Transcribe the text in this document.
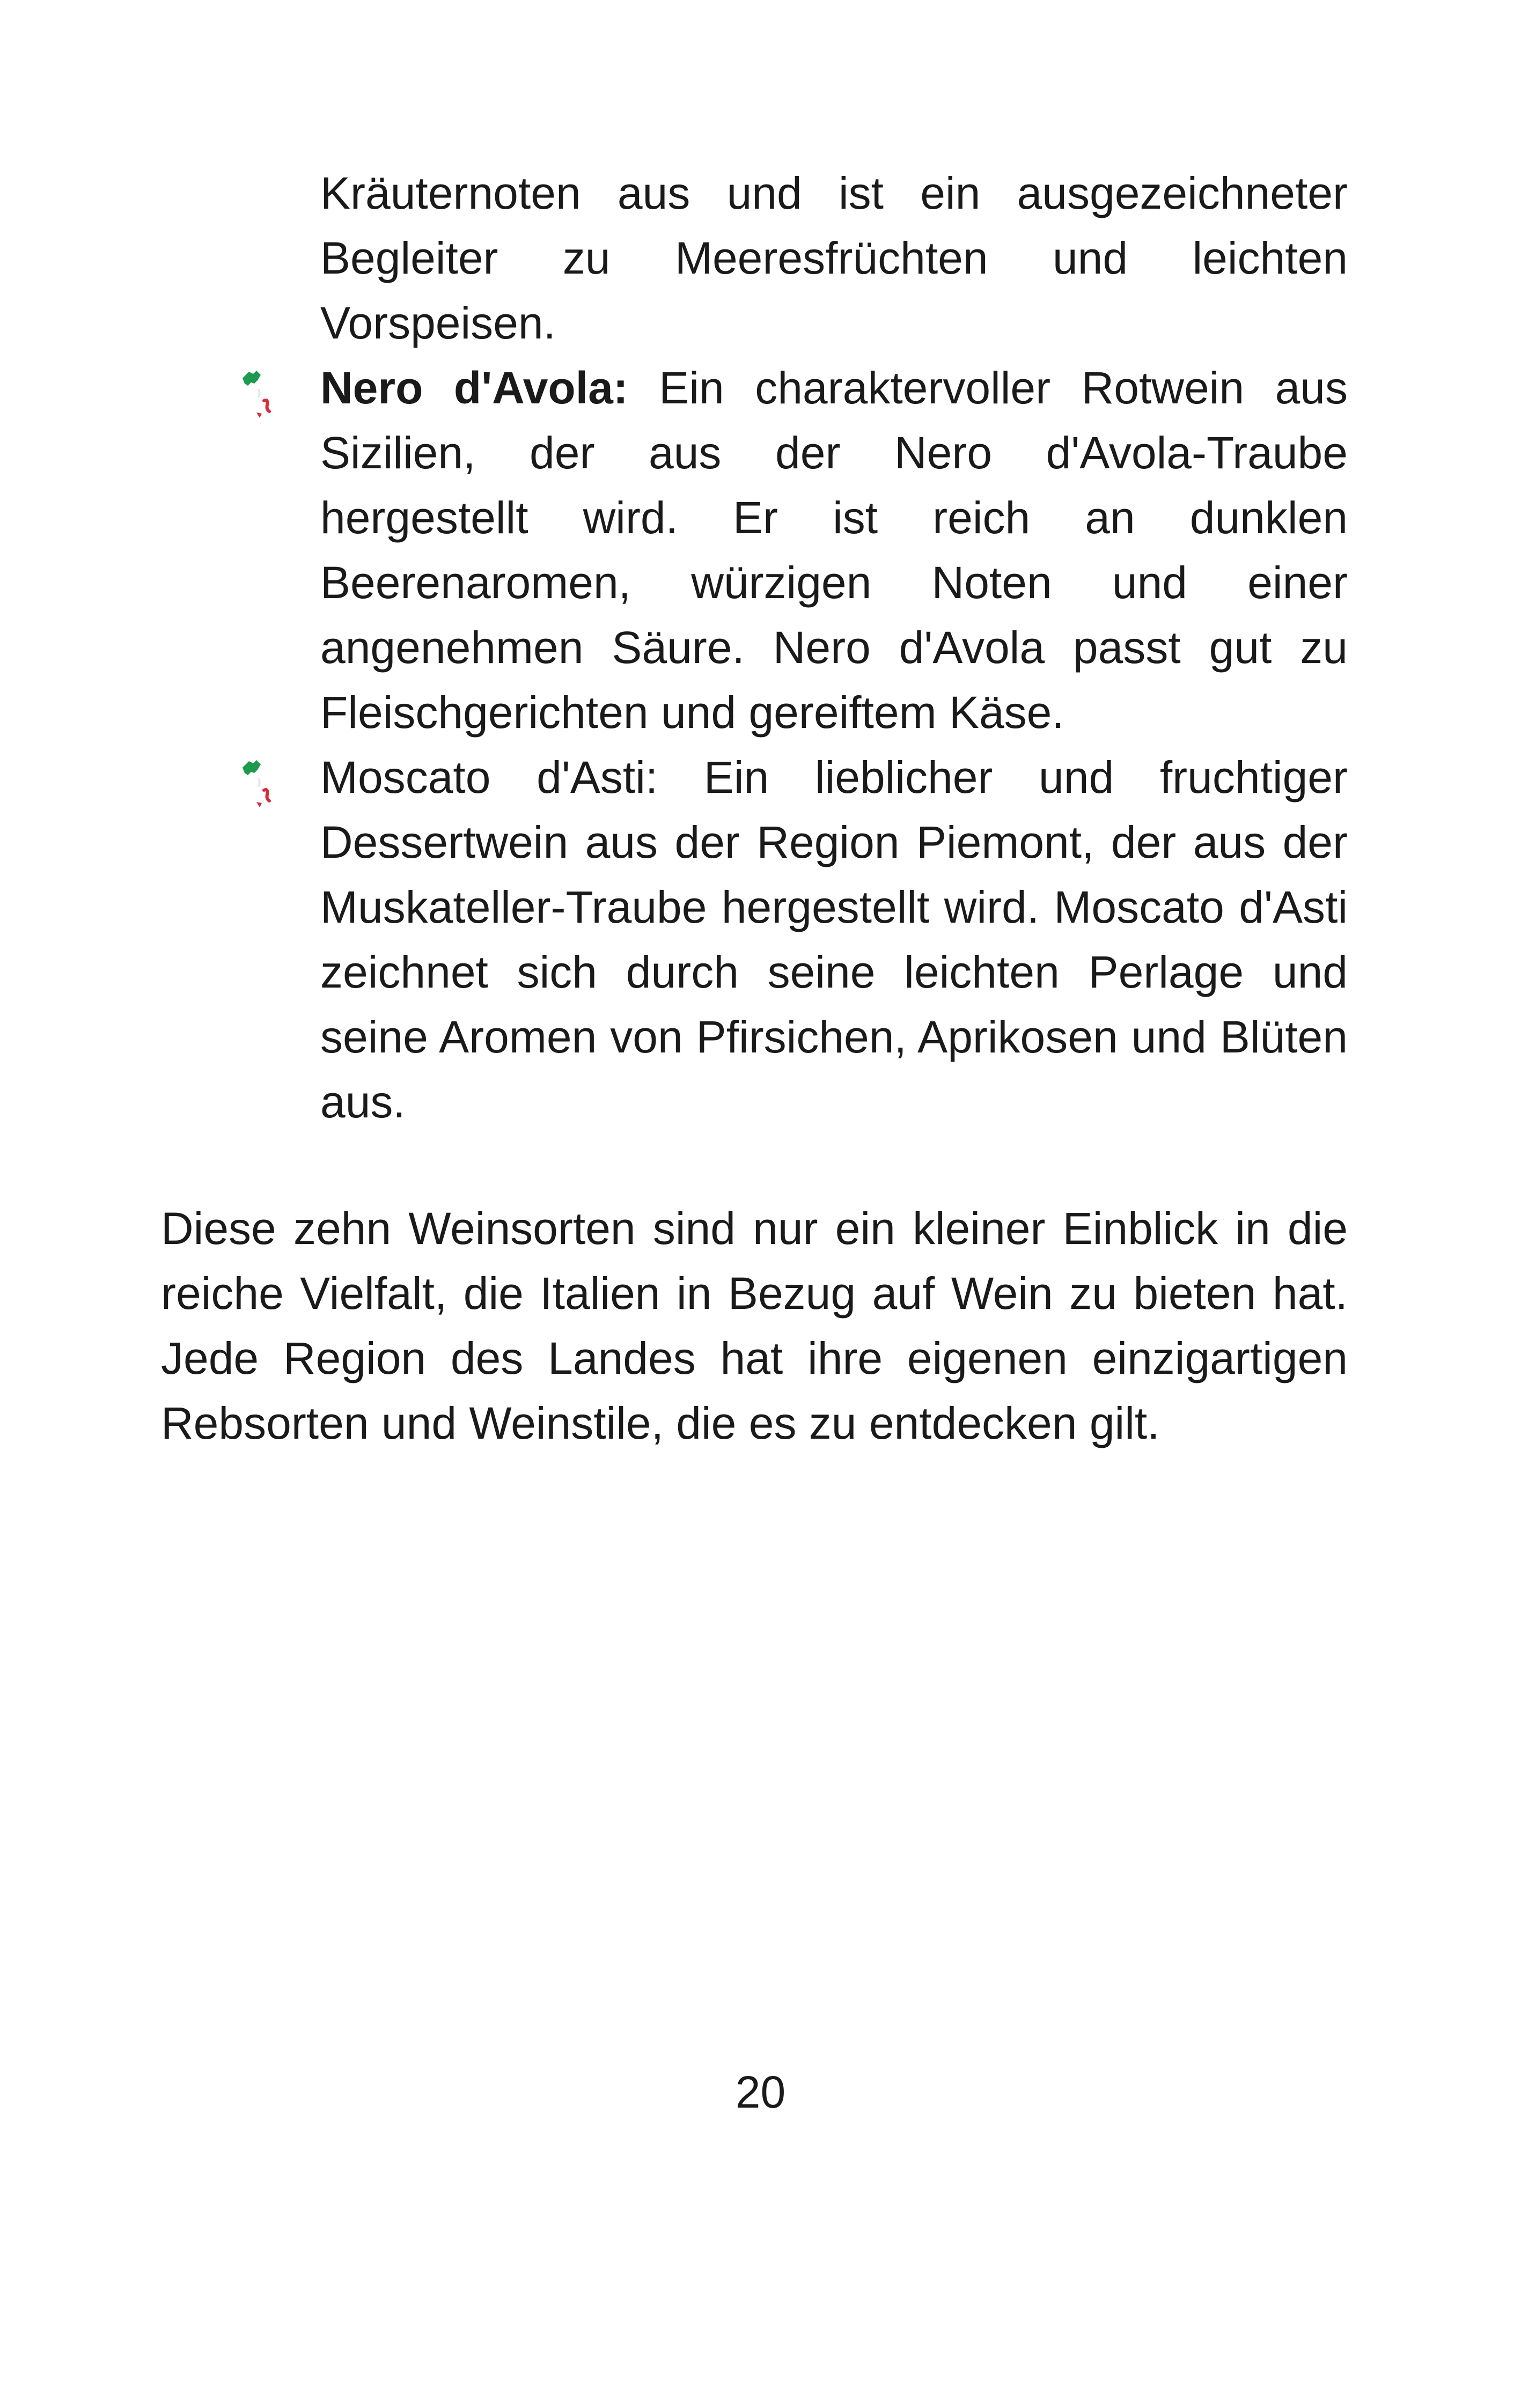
Kräuternoten aus und ist ein ausgezeichneter Begleiter zu Meeresfrüchten und leichten Vorspeisen.
Nero d'Avola: Ein charaktervoller Rotwein aus Sizilien, der aus der Nero d'Avola-Traube hergestellt wird. Er ist reich an dunklen Beerenaromen, würzigen Noten und einer angenehmen Säure. Nero d'Avola passt gut zu Fleischgerichten und gereiftem Käse.
Moscato d'Asti: Ein lieblicher und fruchtiger Dessertwein aus der Region Piemont, der aus der Muskateller-Traube hergestellt wird. Moscato d'Asti zeichnet sich durch seine leichten Perlage und seine Aromen von Pfirsichen, Aprikosen und Blüten aus.

Diese zehn Weinsorten sind nur ein kleiner Einblick in die reiche Vielfalt, die Italien in Bezug auf Wein zu bieten hat. Jede Region des Landes hat ihre eigenen einzigartigen Rebsorten und Weinstile, die es zu entdecken gilt.

20
